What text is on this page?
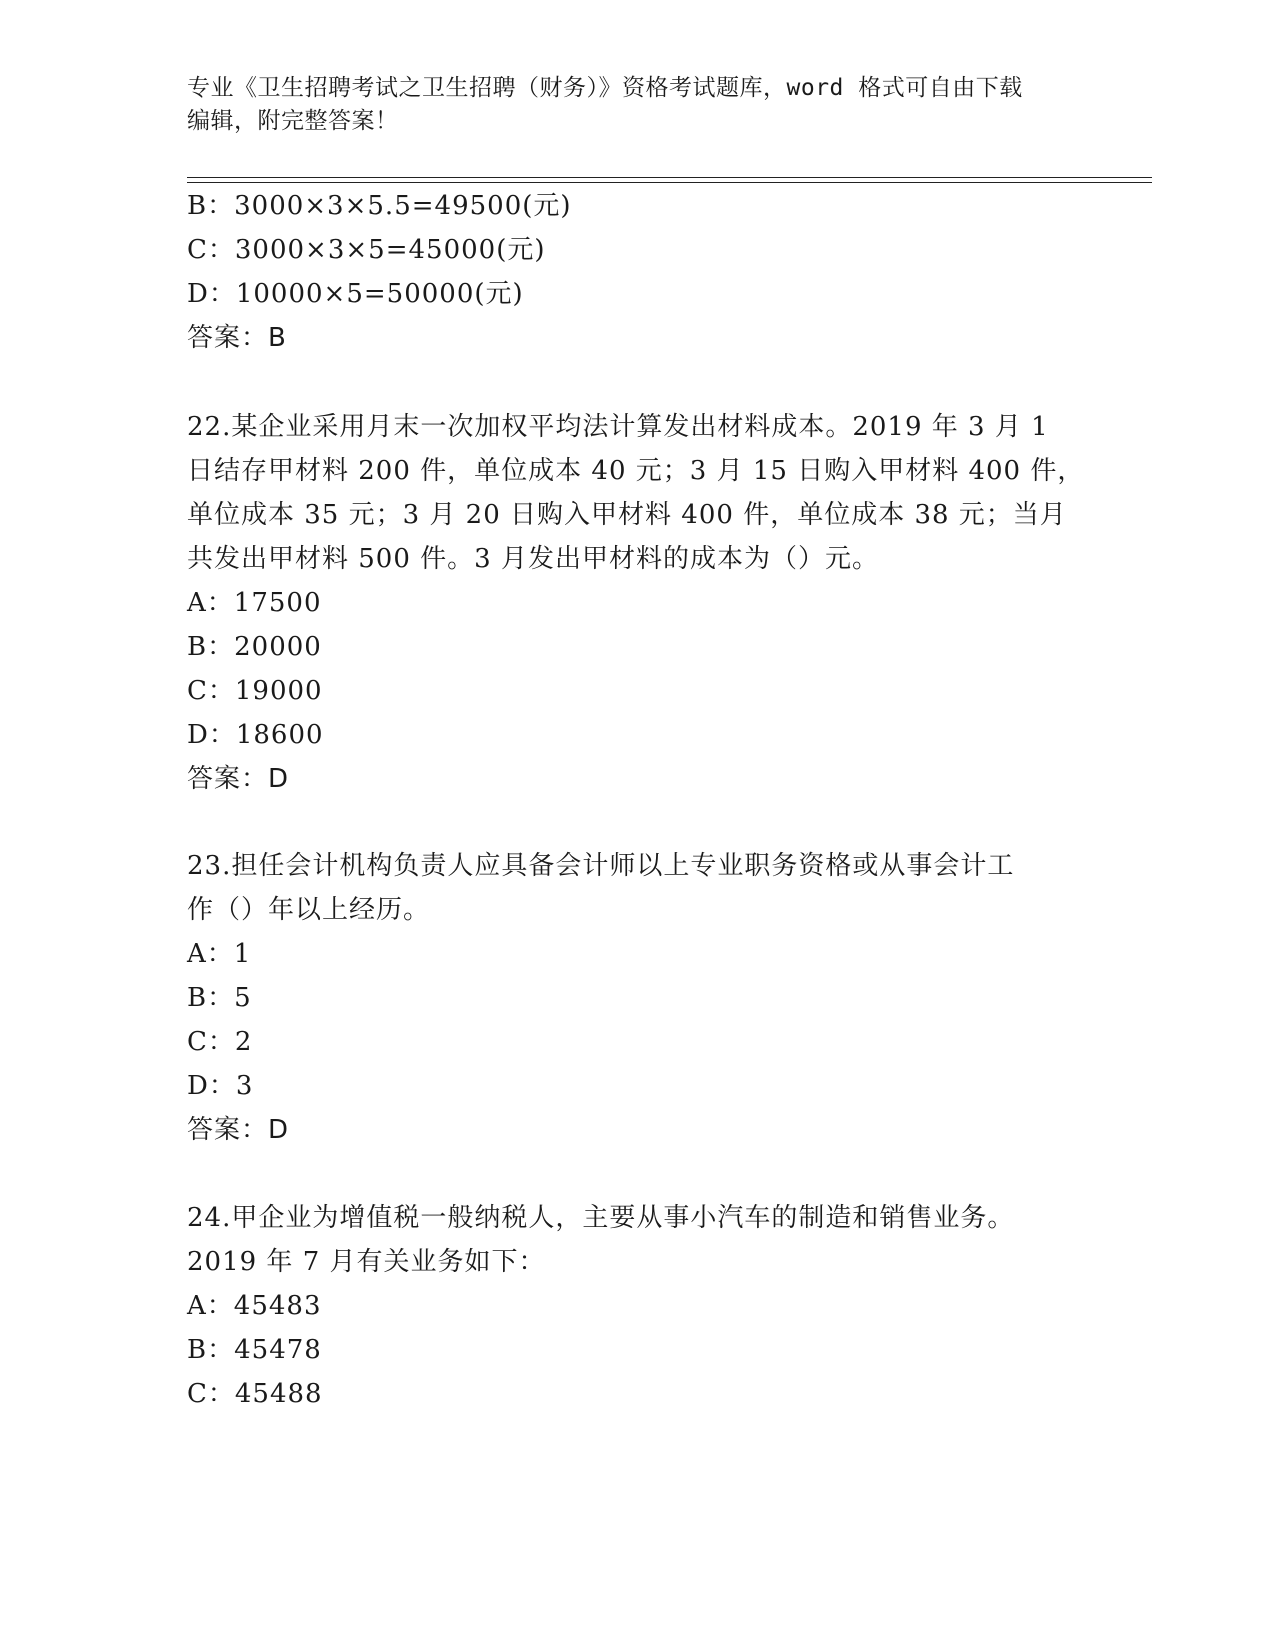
专业《卫生招聘考试之卫生招聘（财务）》资格考试题库，word 格式可自由下载
编辑，附完整答案！
B：3000×3×5.5=49500(元)
C：3000×3×5=45000(元)
D：10000×5=50000(元)
答案：B
22.某企业采用月末一次加权平均法计算发出材料成本。2019 年 3 月 1
日结存甲材料 200 件，单位成本 40 元；3 月 15 日购入甲材料 400 件，
单位成本 35 元；3 月 20 日购入甲材料 400 件，单位成本 38 元；当月
共发出甲材料 500 件。3 月发出甲材料的成本为（）元。
A：17500
B：20000
C：19000
D：18600
答案：D
23.担任会计机构负责人应具备会计师以上专业职务资格或从事会计工
作（）年以上经历。
A：1
B：5
C：2
D：3
答案：D
24.甲企业为增值税一般纳税人，主要从事小汽车的制造和销售业务。
2019 年 7 月有关业务如下：
A：45483
B：45478
C：45488
